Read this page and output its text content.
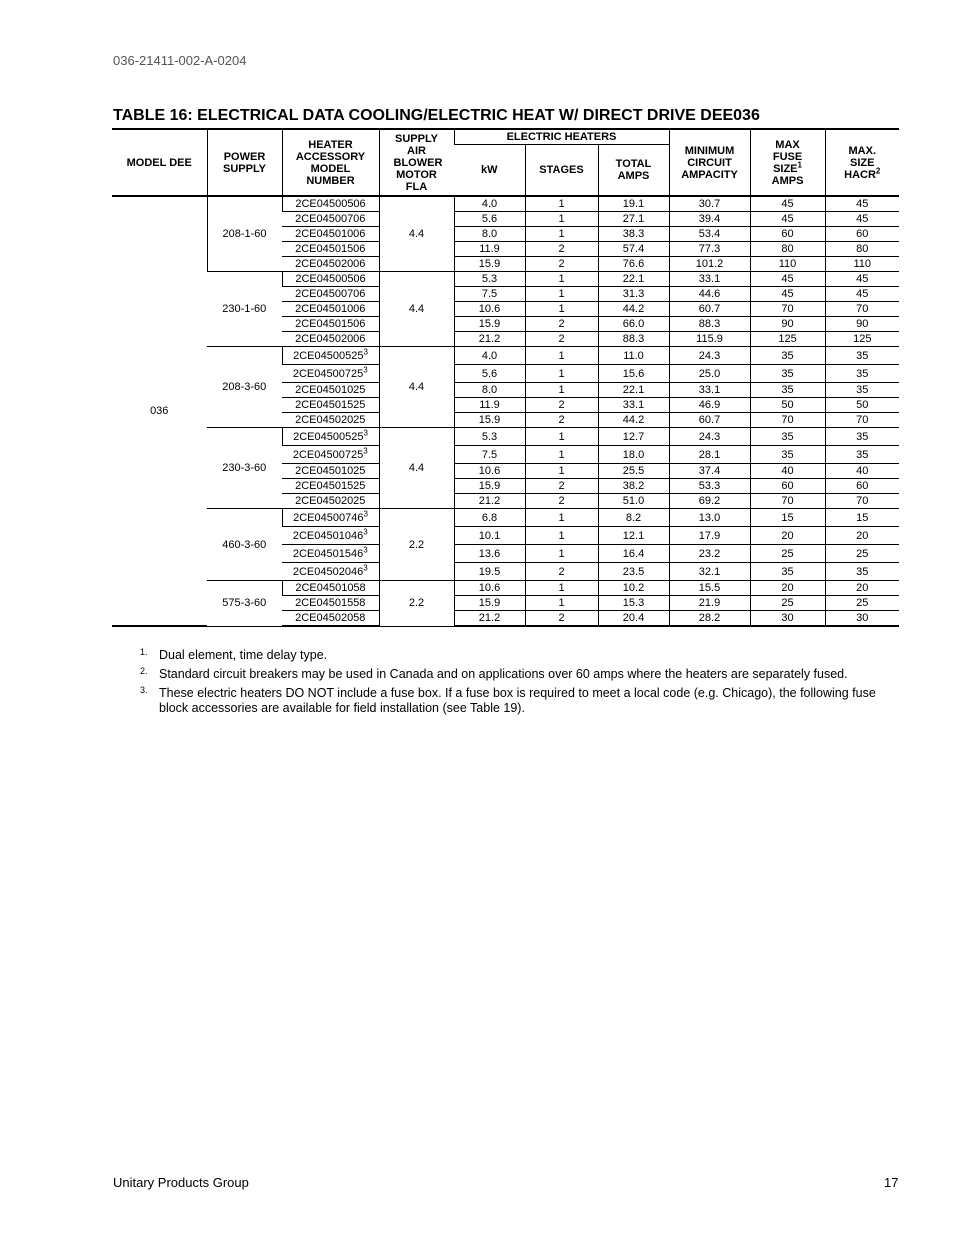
036-21411-002-A-0204
TABLE 16: ELECTRICAL DATA COOLING/ELECTRIC HEAT W/ DIRECT DRIVE DEE036
MODEL DEE	POWER SUPPLY	HEATER ACCESSORY MODEL NUMBER	SUPPLY AIR BLOWER MOTOR FLA	ELECTRIC HEATERS			MINIMUM CIRCUIT AMPACITY	MAX FUSE SIZE$^1$ AMPS	MAX. SIZE HACR$^2$
				kW	STAGES	TOTAL AMPS			
036	208-1-60	2CE04500506	4.4	4.0	1	19.1	30.7	45	45
		2CE04500706		5.6	1	27.1	39.4	45	45
		2CE04501006		8.0	1	38.3	53.4	60	60
		2CE04501506		11.9	2	57.4	77.3	80	80
		2CE04502006		15.9	2	76.6	101.2	110	110
	230-1-60	2CE04500506	4.4	5.3	1	22.1	33.1	45	45
		2CE04500706		7.5	1	31.3	44.6	45	45
		2CE04501006		10.6	1	44.2	60.7	70	70
		2CE04501506		15.9	2	66.0	88.3	90	90
		2CE04502006		21.2	2	88.3	115.9	125	125
	208-3-60	2CE04500525$^3$	4.4	4.0	1	11.0	24.3	35	35
		2CE04500725$^3$		5.6	1	15.6	25.0	35	35
		2CE04501025		8.0	1	22.1	33.1	35	35
		2CE04501525		11.9	2	33.1	46.9	50	50
		2CE04502025		15.9	2	44.2	60.7	70	70
	230-3-60	2CE04500525$^3$	4.4	5.3	1	12.7	24.3	35	35
		2CE04500725$^3$		7.5	1	18.0	28.1	35	35
		2CE04501025		10.6	1	25.5	37.4	40	40
		2CE04501525		15.9	2	38.2	53.3	60	60
		2CE04502025		21.2	2	51.0	69.2	70	70
	460-3-60	2CE04500746$^3$	2.2	6.8	1	8.2	13.0	15	15
		2CE04501046$^3$		10.1	1	12.1	17.9	20	20
		2CE04501546$^3$		13.6	1	16.4	23.2	25	25
		2CE04502046$^3$		19.5	2	23.5	32.1	35	35
	575-3-60	2CE04501058	2.2	10.6	1	10.2	15.5	20	20
		2CE04501558		15.9	1	15.3	21.9	25	25
		2CE04502058		21.2	2	20.4	28.2	30	30
1. Dual element, time delay type.
2. Standard circuit breakers may be used in Canada and on applications over 60 amps where the heaters are separately fused.
3. These electric heaters DO NOT include a fuse box. If a fuse box is required to meet a local code (e.g. Chicago), the following fuse block accessories are available for field installation (see Table 19).
Unitary Products Group	17
